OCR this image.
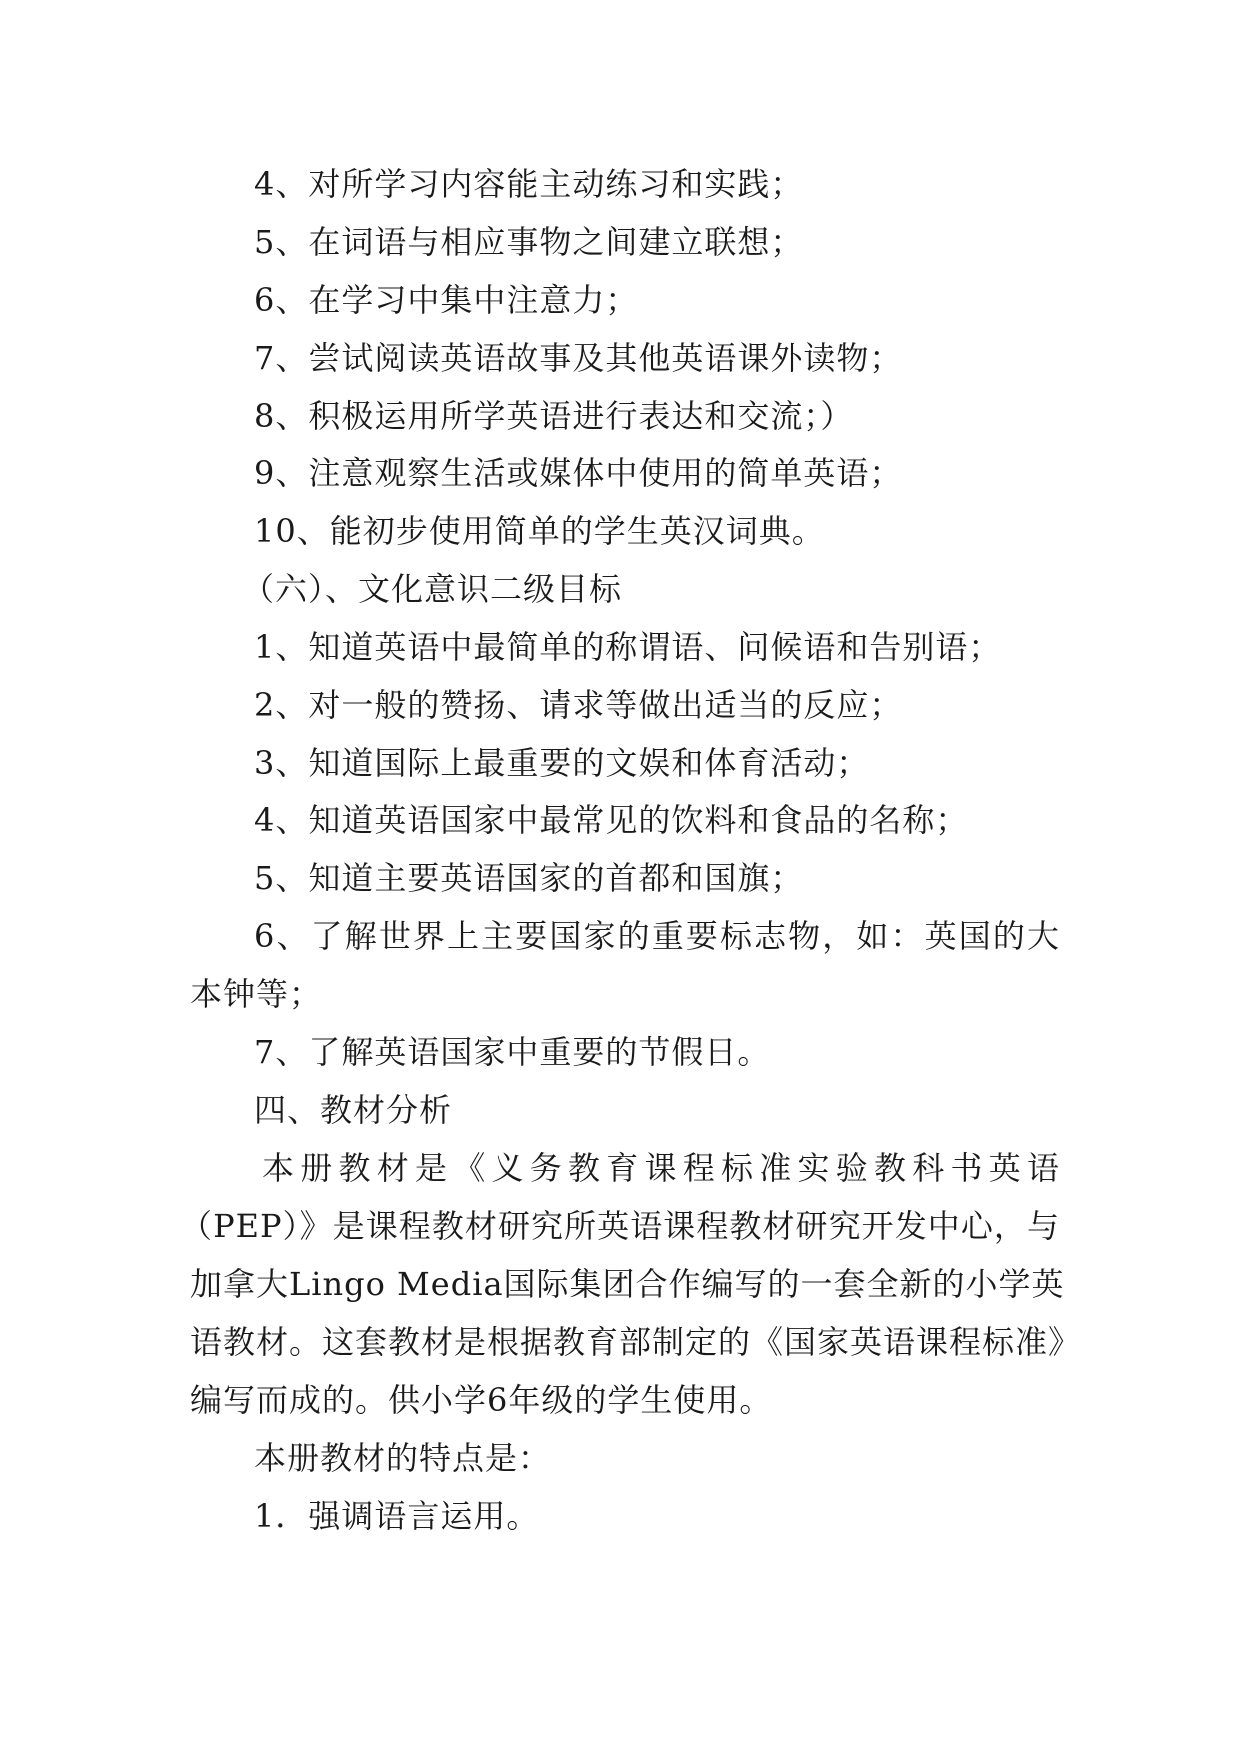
4、对所学习内容能主动练习和实践；
5、在词语与相应事物之间建立联想；
6、在学习中集中注意力；
7、尝试阅读英语故事及其他英语课外读物；
8、积极运用所学英语进行表达和交流；）
9、注意观察生活或媒体中使用的简单英语；
10、能初步使用简单的学生英汉词典。
（六）、文化意识二级目标
1、知道英语中最简单的称谓语、问候语和告别语；
2、对一般的赞扬、请求等做出适当的反应；
3、知道国际上最重要的文娱和体育活动；
4、知道英语国家中最常见的饮料和食品的名称；
5、知道主要英语国家的首都和国旗；
6、了解世界上主要国家的重要标志物，如：英国的大
本钟等；
7、了解英语国家中重要的节假日。
四、教材分析
本册教材是《义务教育课程标准实验教科书英语
（PEP）》是课程教材研究所英语课程教材研究开发中心，与
加拿大Lingo Media国际集团合作编写的一套全新的小学英
语教材。这套教材是根据教育部制定的《国家英语课程标准》
编写而成的。供小学6年级的学生使用。
本册教材的特点是：
1．强调语言运用。
